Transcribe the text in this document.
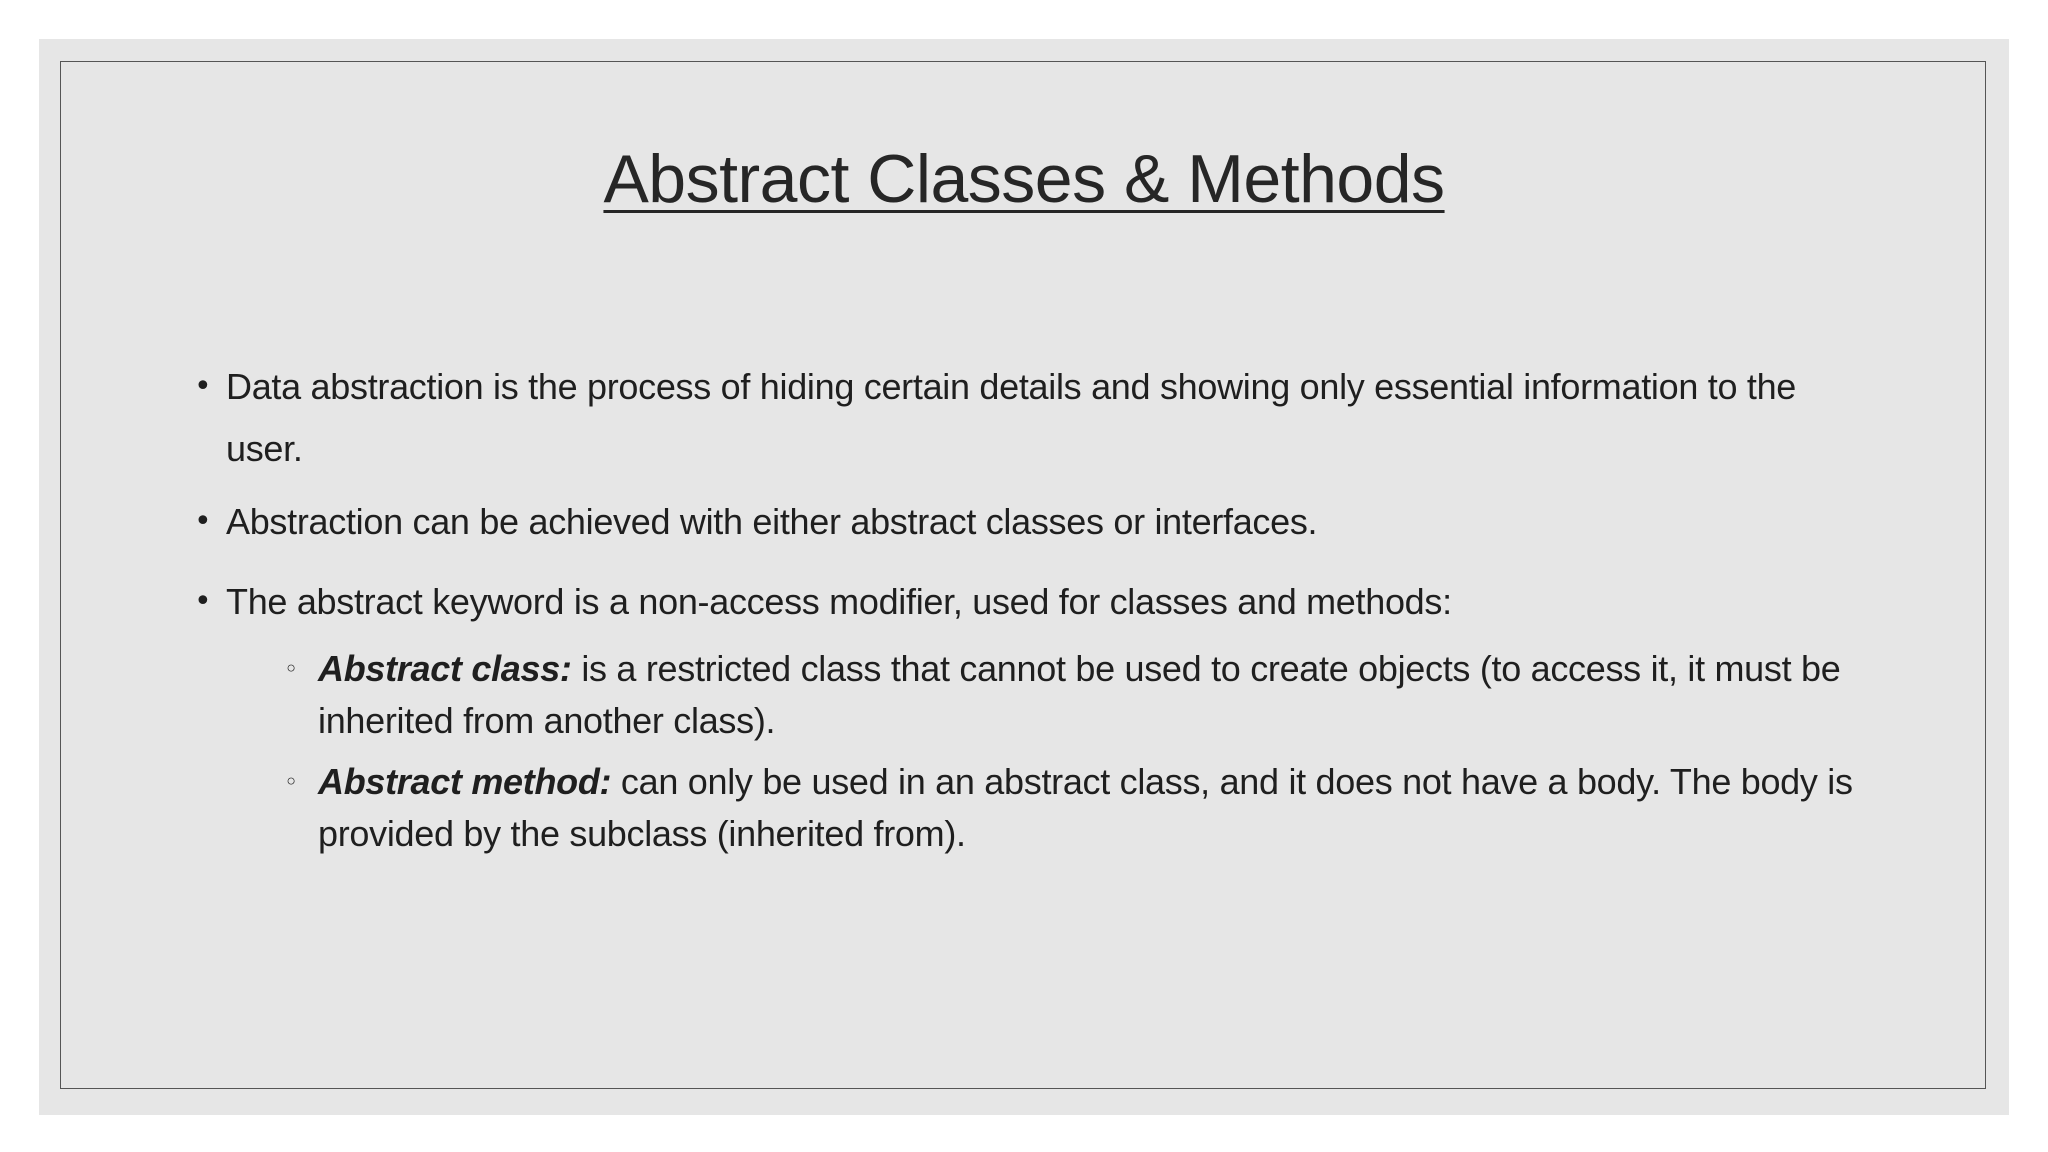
Abstract Classes & Methods
• Data abstraction is the process of hiding certain details and showing only essential information to the user.
• Abstraction can be achieved with either abstract classes or interfaces.
• The abstract keyword is a non-access modifier, used for classes and methods:
◦ Abstract class: is a restricted class that cannot be used to create objects (to access it, it must be inherited from another class).
◦ Abstract method: can only be used in an abstract class, and it does not have a body. The body is provided by the subclass (inherited from).
